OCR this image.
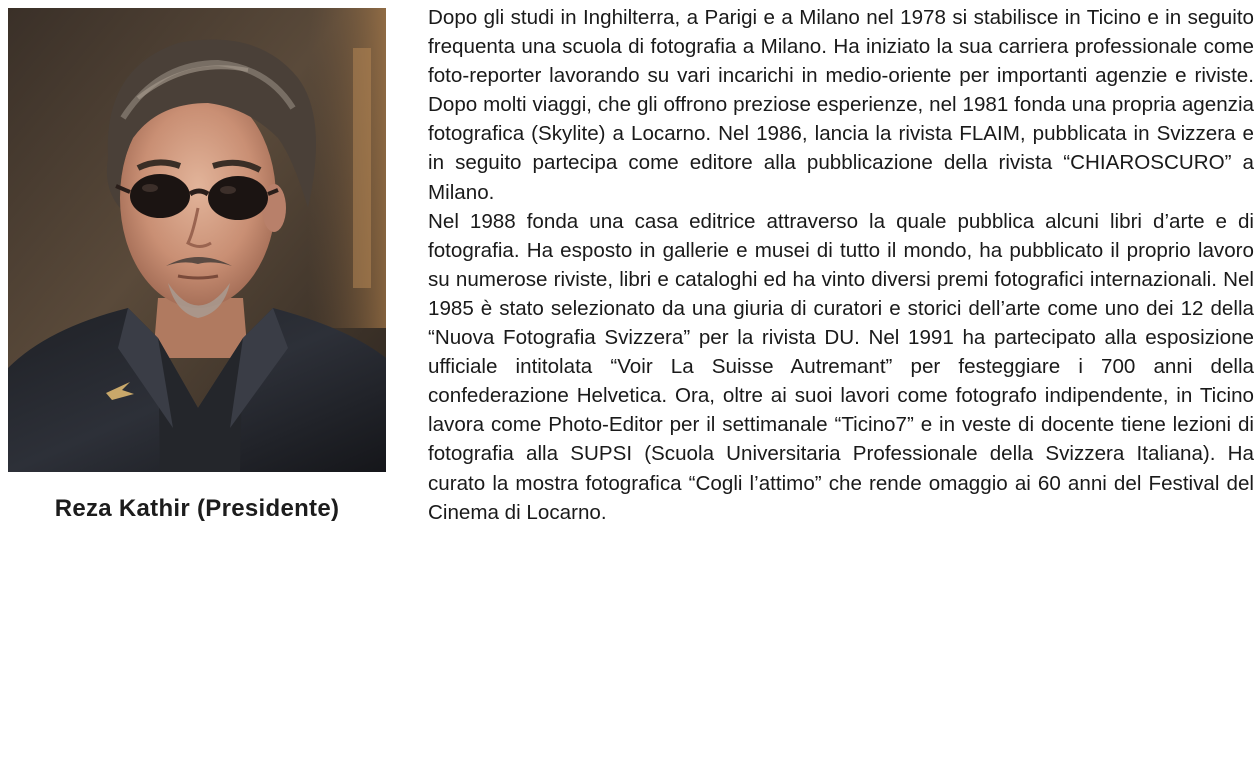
Reza Kathir (Presidente)

Dopo gli studi in Inghilterra, a Parigi e a Milano nel 1978 si stabilisce in Ticino e in seguito frequenta una scuola di fotografia a Milano. Ha iniziato la sua carriera professionale come foto-reporter lavorando su vari incarichi in medio-oriente per importanti agenzie e riviste. Dopo molti viaggi, che gli offrono preziose esperienze, nel 1981 fonda una propria agenzia fotografica (Skylite) a Locarno. Nel 1986, lancia la rivista FLAIM, pubblicata in Svizzera e in seguito partecipa come editore alla pubblicazione della rivista “CHIAROSCURO” a Milano.

Nel 1988 fonda una casa editrice attraverso la quale pubblica alcuni libri d’arte e di fotografia. Ha esposto in gallerie e musei di tutto il mondo, ha pubblicato il proprio lavoro su numerose riviste, libri e cataloghi ed ha vinto diversi premi fotografici internazionali. Nel 1985 è stato selezionato da una giuria di curatori e storici dell’arte come uno dei 12 della “Nuova Fotografia Svizzera” per la rivista DU. Nel 1991 ha partecipato alla esposizione ufficiale intitolata “Voir La Suisse Autremant” per festeggiare i 700 anni della confederazione Helvetica. Ora, oltre ai suoi lavori come fotografo indipendente, in Ticino lavora come Photo-Editor per il settimanale “Ticino7” e in veste di docente tiene lezioni di fotografia alla SUPSI (Scuola Universitaria Professionale della Svizzera Italiana). Ha curato la mostra fotografica “Cogli l’attimo” che rende omaggio ai 60 anni del Festival del Cinema di Locarno.
